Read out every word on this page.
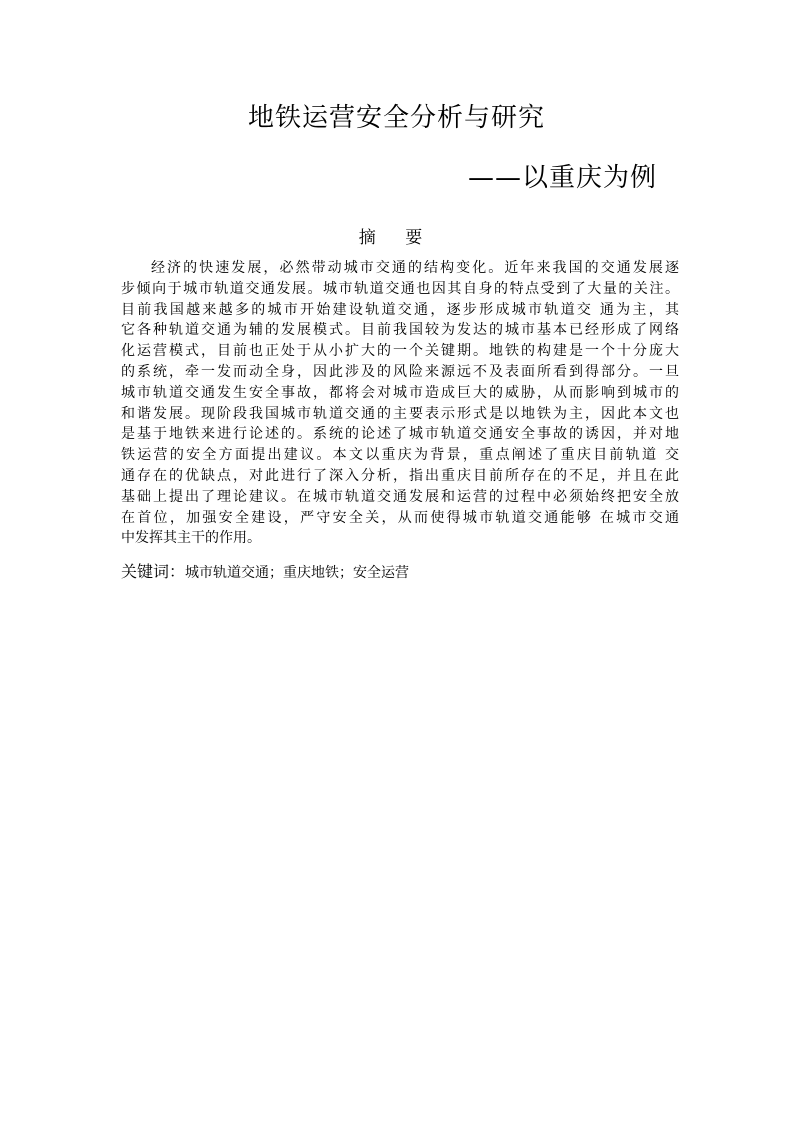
地铁运营安全分析与研究
——以重庆为例
摘 要
经济的快速发展，必然带动城市交通的结构变化。近年来我国的交通发展逐
步倾向于城市轨道交通发展。城市轨道交通也因其自身的特点受到了大量的关注。
目前我国越来越多的城市开始建设轨道交通，逐步形成城市轨道交 通为主，其
它各种轨道交通为辅的发展模式。目前我国较为发达的城市基本已经形成了网络
化运营模式，目前也正处于从小扩大的一个关键期。地铁的构建是一个十分庞大
的系统，牵一发而动全身，因此涉及的风险来源远不及表面所看到得部分。一旦
城市轨道交通发生安全事故，都将会对城市造成巨大的威胁，从而影响到城市的
和谐发展。现阶段我国城市轨道交通的主要表示形式是以地铁为主，因此本文也
是基于地铁来进行论述的。系统的论述了城市轨道交通安全事故的诱因，并对地
铁运营的安全方面提出建议。本文以重庆为背景，重点阐述了重庆目前轨道 交
通存在的优缺点，对此进行了深入分析，指出重庆目前所存在的不足，并且在此
基础上提出了理论建议。在城市轨道交通发展和运营的过程中必须始终把安全放
在首位，加强安全建设，严守安全关，从而使得城市轨道交通能够 在城市交通
中发挥其主干的作用。
关键词：城市轨道交通；重庆地铁；安全运营
